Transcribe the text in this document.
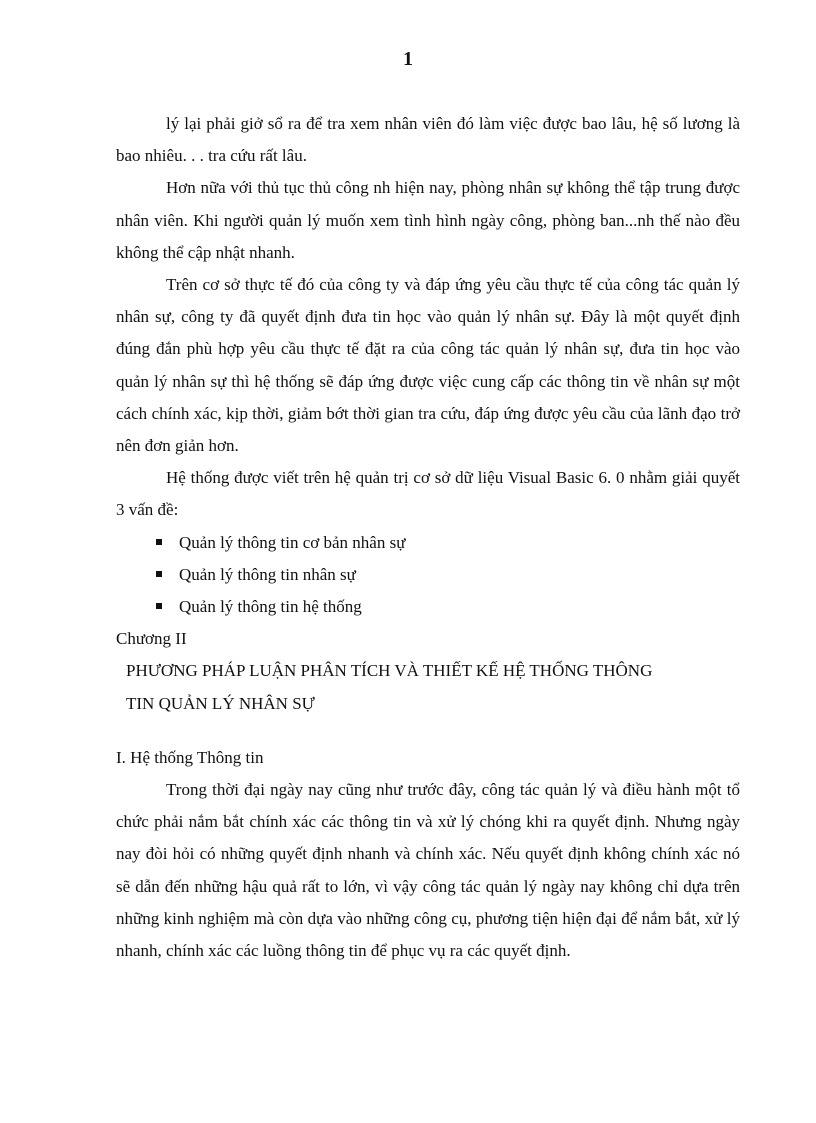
1

lý lại phải giở sổ ra để tra xem nhân viên đó làm việc được bao lâu, hệ số lương là bao nhiêu. . . tra cứu rất lâu.

Hơn nữa với thủ tục thủ công nh hiện nay, phòng nhân sự không thể tập trung được nhân viên. Khi người quản lý muốn xem tình hình ngày công, phòng ban...nh thế nào đều không thể cập nhật nhanh.

Trên cơ sở thực tế đó của công ty và đáp ứng yêu cầu thực tế của công tác quản lý nhân sự, công ty đã quyết định đưa tin học vào quản lý nhân sự. Đây là một quyết định đúng đắn phù hợp yêu cầu thực tế đặt ra của công tác quản lý nhân sự, đưa tin học vào quản lý nhân sự thì hệ thống sẽ đáp ứng được việc cung cấp các thông tin về nhân sự một cách chính xác, kịp thời, giảm bớt thời gian tra cứu, đáp ứng được yêu cầu của lãnh đạo trở nên đơn giản hơn.

Hệ thống được viết trên hệ quản trị cơ sở dữ liệu Visual Basic 6. 0 nhằm giải quyết 3 vấn đề:

Quản lý thông tin cơ bản nhân sự
Quản lý thông tin nhân sự
Quản lý thông tin hệ thống

Chương II

PHƯƠNG PHÁP LUẬN PHÂN TÍCH VÀ THIẾT KẾ HỆ THỐNG THÔNG

TIN QUẢN LÝ NHÂN SỰ

I. Hệ thống Thông tin

Trong thời đại ngày nay cũng như trước đây, công tác quản lý và điều hành một tổ chức phải nắm bắt chính xác các thông tin và xử lý chóng khi ra quyết định. Nhưng ngày nay đòi hỏi có những quyết định nhanh và chính xác. Nếu quyết định không chính xác nó sẽ dẫn đến những hậu quả rất to lớn, vì vậy công tác quản lý ngày nay không chỉ dựa trên những kinh nghiệm mà còn dựa vào những công cụ, phương tiện hiện đại để nắm bắt, xử lý nhanh, chính xác các luồng thông tin để phục vụ ra các quyết định.
